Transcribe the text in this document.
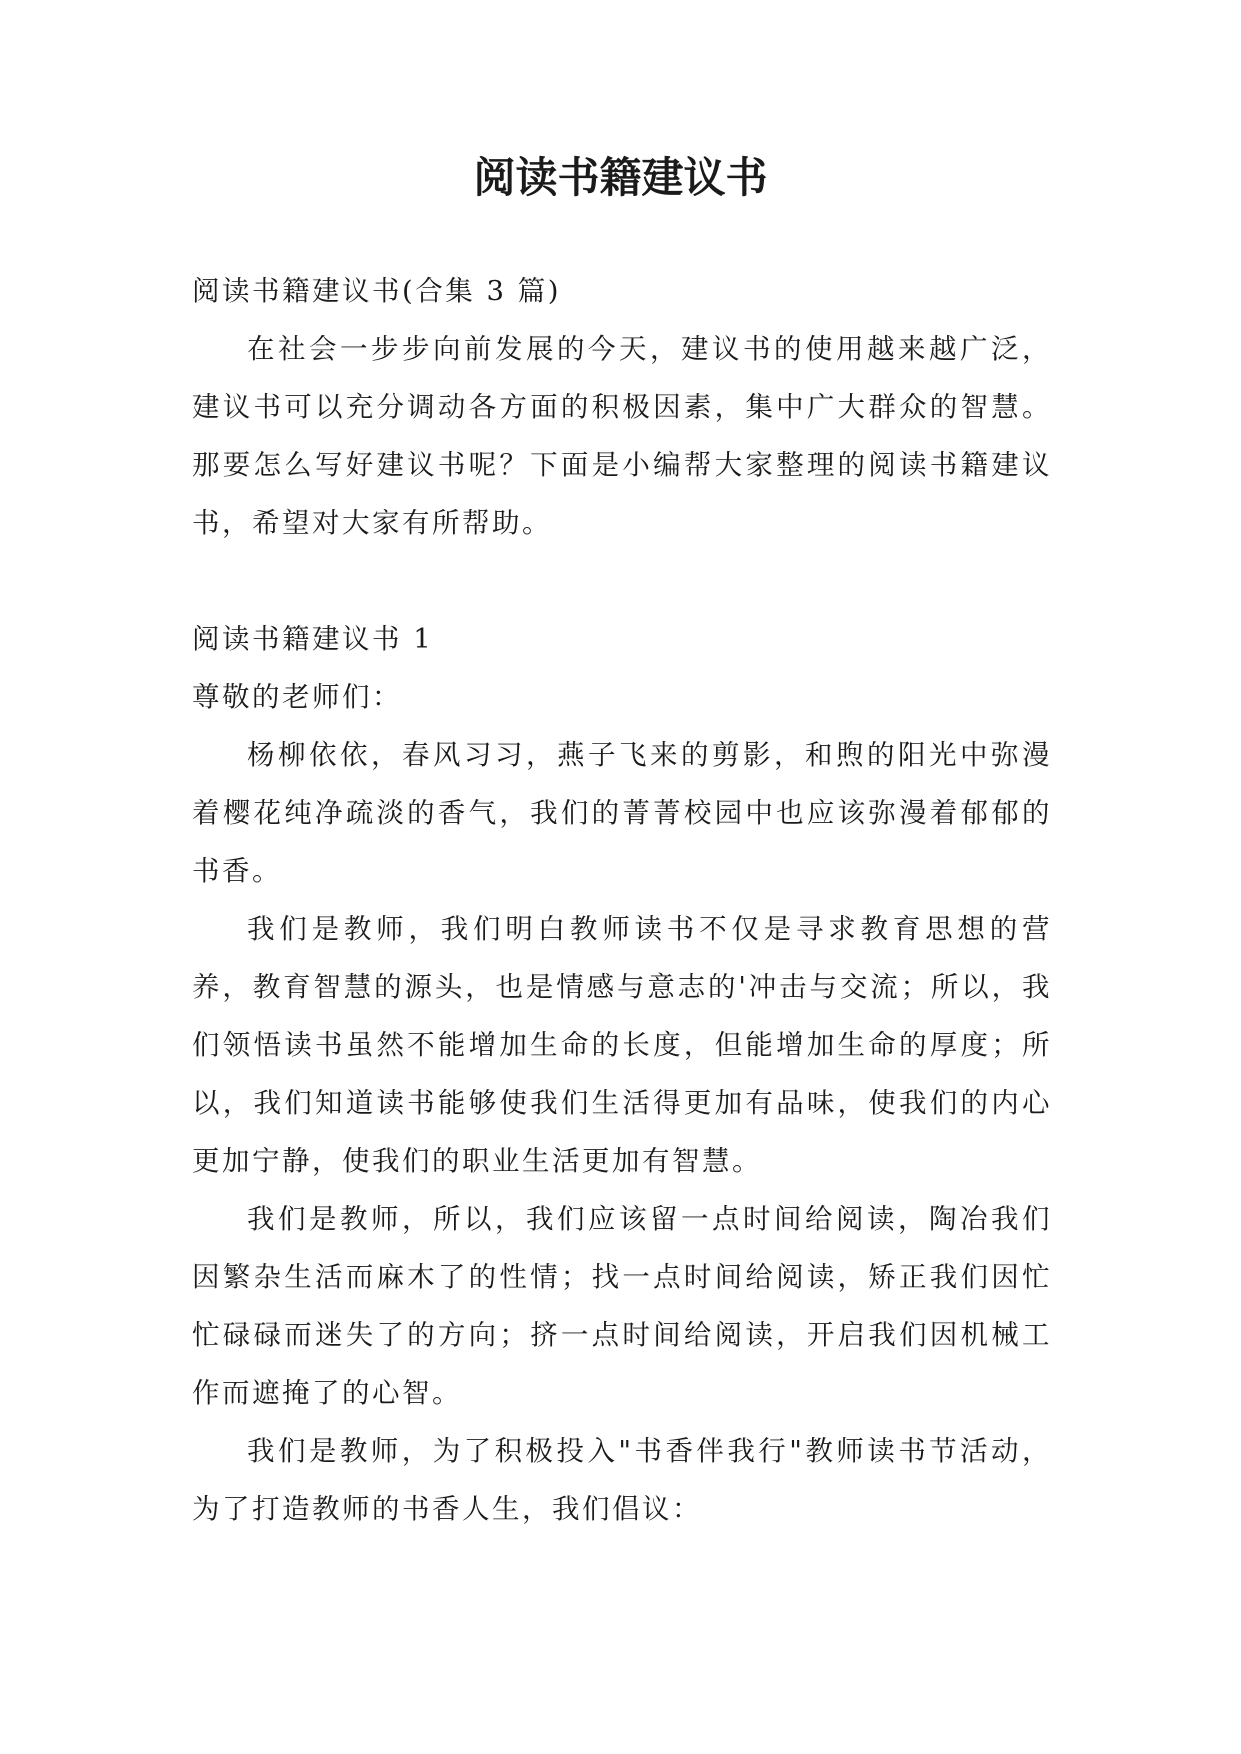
阅读书籍建议书

阅读书籍建议书(合集 3 篇)

在社会一步步向前发展的今天，建议书的使用越来越广泛，建议书可以充分调动各方面的积极因素，集中广大群众的智慧。那要怎么写好建议书呢？下面是小编帮大家整理的阅读书籍建议书，希望对大家有所帮助。

阅读书籍建议书 1

尊敬的老师们：

杨柳依依，春风习习，燕子飞来的剪影，和煦的阳光中弥漫着樱花纯净疏淡的香气，我们的菁菁校园中也应该弥漫着郁郁的书香。

我们是教师，我们明白教师读书不仅是寻求教育思想的营养，教育智慧的源头，也是情感与意志的'冲击与交流；所以，我们领悟读书虽然不能增加生命的长度，但能增加生命的厚度；所以，我们知道读书能够使我们生活得更加有品味，使我们的内心更加宁静，使我们的职业生活更加有智慧。

我们是教师，所以，我们应该留一点时间给阅读，陶冶我们因繁杂生活而麻木了的性情；找一点时间给阅读，矫正我们因忙忙碌碌而迷失了的方向；挤一点时间给阅读，开启我们因机械工作而遮掩了的心智。

我们是教师，为了积极投入"书香伴我行"教师读书节活动，为了打造教师的书香人生，我们倡议：
